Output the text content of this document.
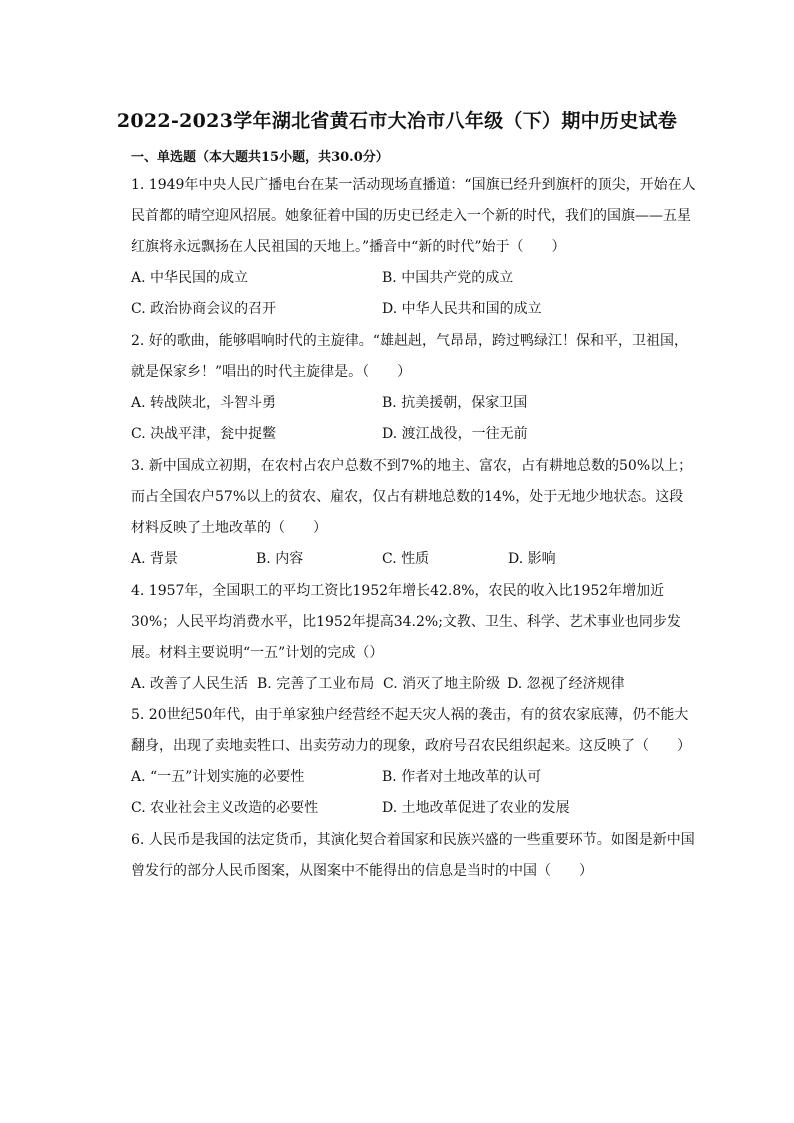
2022-2023学年湖北省黄石市大冶市八年级（下）期中历史试卷
一、单选题（本大题共15小题，共30.0分）

1. 1949年中央人民广播电台在某一活动现场直播道：“国旗已经升到旗杆的顶尖，开始在人民首都的晴空迎风招展。她象征着中国的历史已经走入一个新的时代，我们的国旗——五星红旗将永远飘扬在人民祖国的天地上。”播音中“新的时代”始于（　　）

A. 中华民国的成立	B. 中国共产党的成立
C. 政治协商会议的召开	D. 中华人民共和国的成立

2. 好的歌曲，能够唱响时代的主旋律。“雄赳赳，气昂昂，跨过鸭绿江！保和平，卫祖国，就是保家乡！”唱出的时代主旋律是。（　　）

A. 转战陕北，斗智斗勇	B. 抗美援朝，保家卫国
C. 决战平津，瓮中捉鳖	D. 渡江战役，一往无前

3. 新中国成立初期，在农村占农户总数不到7%的地主、富农，占有耕地总数的50%以上；而占全国农户57%以上的贫农、雇农，仅占有耕地总数的14%，处于无地少地状态。这段材料反映了土地改革的（　　）

A. 背景	B. 内容	C. 性质	D. 影响

4. 1957年，全国职工的平均工资比1952年增长42.8%，农民的收入比1952年增加近30%；人民平均消费水平，比1952年提高34.2%;文教、卫生、科学、艺术事业也同步发展。材料主要说明“一五”计划的完成（）

A. 改善了人民生活 B. 完善了工业布局 C. 消灭了地主阶级 D. 忽视了经济规律

5. 20世纪50年代，由于单家独户经营经不起天灾人祸的袭击，有的贫农家底薄，仍不能大翻身，出现了卖地卖牲口、出卖劳动力的现象，政府号召农民组织起来。这反映了（　　）

A. “一五”计划实施的必要性	B. 作者对土地改革的认可
C. 农业社会主义改造的必要性	D. 土地改革促进了农业的发展

6. 人民币是我国的法定货币，其演化契合着国家和民族兴盛的一些重要环节。如图是新中国曾发行的部分人民币图案，从图案中不能得出的信息是当时的中国（　　）
